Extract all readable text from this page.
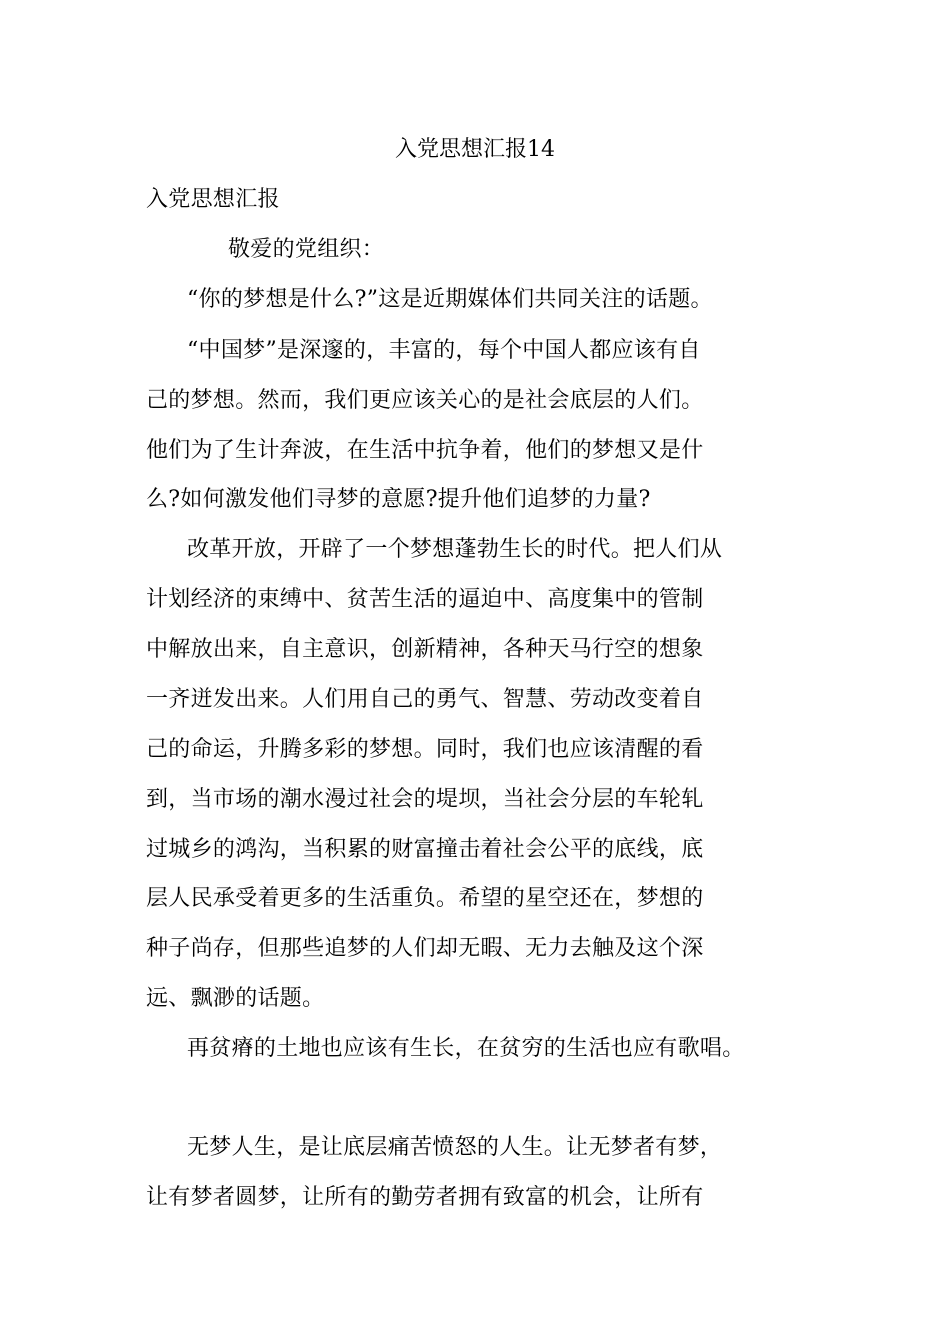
入党思想汇报14
入党思想汇报
敬爱的党组织：
“你的梦想是什么?”这是近期媒体们共同关注的话题。
“中国梦”是深邃的，丰富的，每个中国人都应该有自
己的梦想。然而，我们更应该关心的是社会底层的人们。
他们为了生计奔波，在生活中抗争着，他们的梦想又是什
么?如何激发他们寻梦的意愿?提升他们追梦的力量?
改革开放，开辟了一个梦想蓬勃生长的时代。把人们从
计划经济的束缚中、贫苦生活的逼迫中、高度集中的管制
中解放出来，自主意识，创新精神，各种天马行空的想象
一齐迸发出来。人们用自己的勇气、智慧、劳动改变着自
己的命运，升腾多彩的梦想。同时，我们也应该清醒的看
到，当市场的潮水漫过社会的堤坝，当社会分层的车轮轧
过城乡的鸿沟，当积累的财富撞击着社会公平的底线，底
层人民承受着更多的生活重负。希望的星空还在，梦想的
种子尚存，但那些追梦的人们却无暇、无力去触及这个深
远、飘渺的话题。
再贫瘠的土地也应该有生长，在贫穷的生活也应有歌唱。
无梦人生，是让底层痛苦愤怒的人生。让无梦者有梦，
让有梦者圆梦，让所有的勤劳者拥有致富的机会，让所有
